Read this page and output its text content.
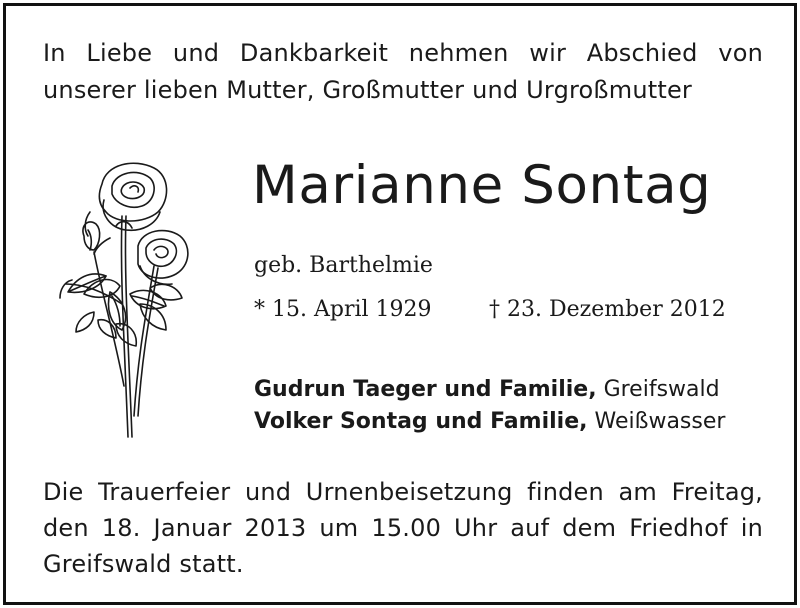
In Liebe und Dankbarkeit nehmen wir Abschied von
unserer lieben Mutter, Großmutter und Urgroßmutter
Marianne Sontag
geb. Barthelmie
* 15. April 1929	† 23. Dezember 2012
Gudrun Taeger und Familie, Greifswald
Volker Sontag und Familie, Weißwasser
Die Trauerfeier und Urnenbeisetzung finden am Freitag,
den 18. Januar 2013 um 15.00 Uhr auf dem Friedhof in
Greifswald statt.
